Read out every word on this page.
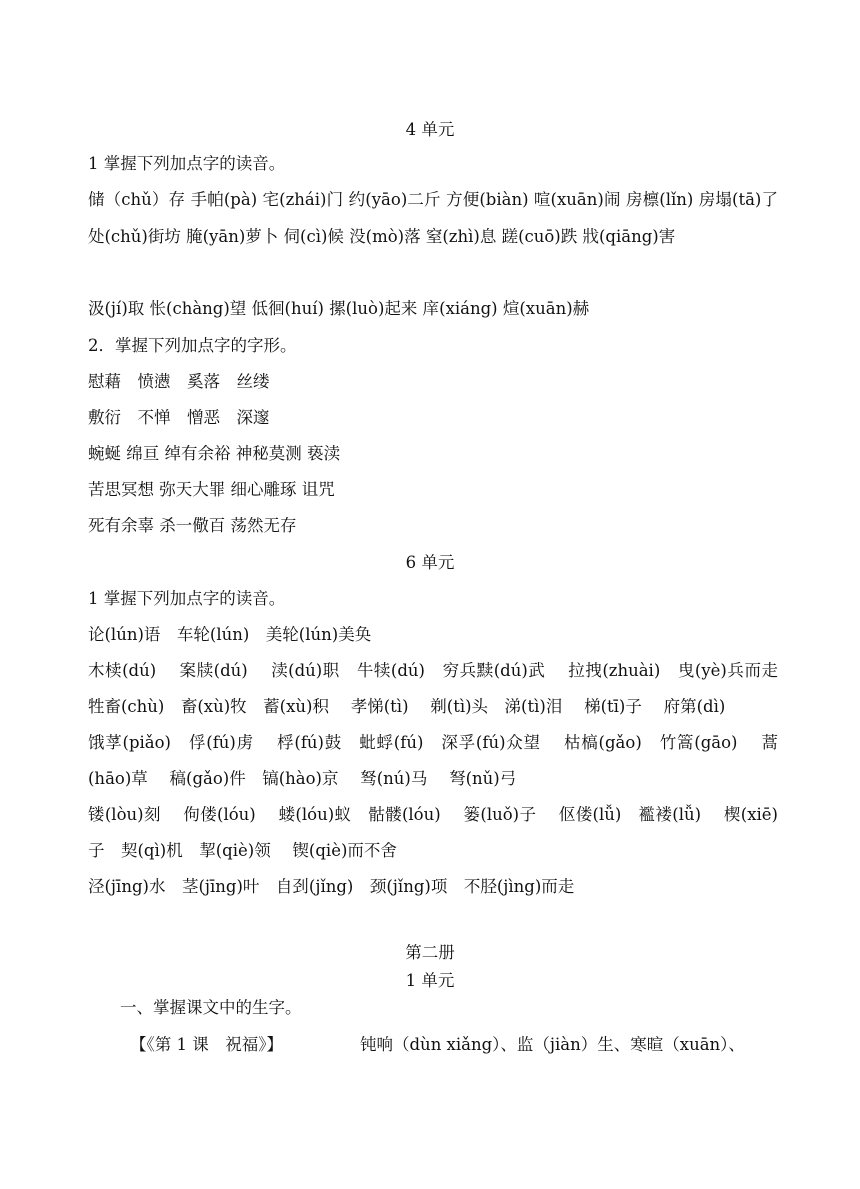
4 单元
1 掌握下列加点字的读音。
储（chǔ）存 手帕(pà) 宅(zhái)门 约(yāo)二斤 方便(biàn) 喧(xuān)闹 房檩(lǐn) 房塌(tā)了 处(chǔ)街坊 腌(yān)萝卜 伺(cì)候 没(mò)落 窒(zhì)息 蹉(cuō)跌 戕(qiāng)害
汲(jí)取 怅(chàng)望 低徊(huí) 摞(luò)起来 庠(xiáng) 煊(xuān)赫
2．掌握下列加点字的字形。
慰藉　愤懑　奚落　丝缕
敷衍　不惮　憎恶　深邃
蜿蜒 绵亘 绰有余裕 神秘莫测 亵渎
苦思冥想 弥天大罪 细心雕琢 诅咒
死有余辜 杀一儆百 荡然无存
6 单元
1 掌握下列加点字的读音。
论(lún)语　车轮(lún)　美轮(lún)美奂
木椟(dú)　 案牍(dú)　 渎(dú)职　牛犊(dú)　穷兵黩(dú)武　 拉拽(zhuài)　曳(yè)兵而走　牲畜(chù)　畜(xù)牧　蓄(xù)积　 孝悌(tì)　 剃(tì)头　涕(tì)泪　 梯(tī)子　 府第(dì)
饿莩(piǎo)　俘(fú)虏　 桴(fú)鼓　蚍蜉(fú)　深孚(fú)众望　 枯槁(gǎo)　竹篙(gāo)　 蒿(hāo)草　 稿(gǎo)件　镐(hào)京　 驽(nú)马　 弩(nǔ)弓
镂(lòu)刻　 佝偻(lóu)　 蝼(lóu)蚁　骷髅(lóu)　 篓(luǒ)子　 伛偻(lǚ)　襤褛(lǚ)　 楔(xiē)子　契(qì)机　挈(qiè)领　 锲(qiè)而不舍
泾(jīng)水　茎(jīng)叶　自刭(jǐng)　颈(jǐng)项　不胫(jìng)而走
第二册
1 单元
一、掌握课文中的生字。
【《第 1 课　祝福》】	钝响（dùn xiǎng）、监（jiàn）生、寒暄（xuān）、
